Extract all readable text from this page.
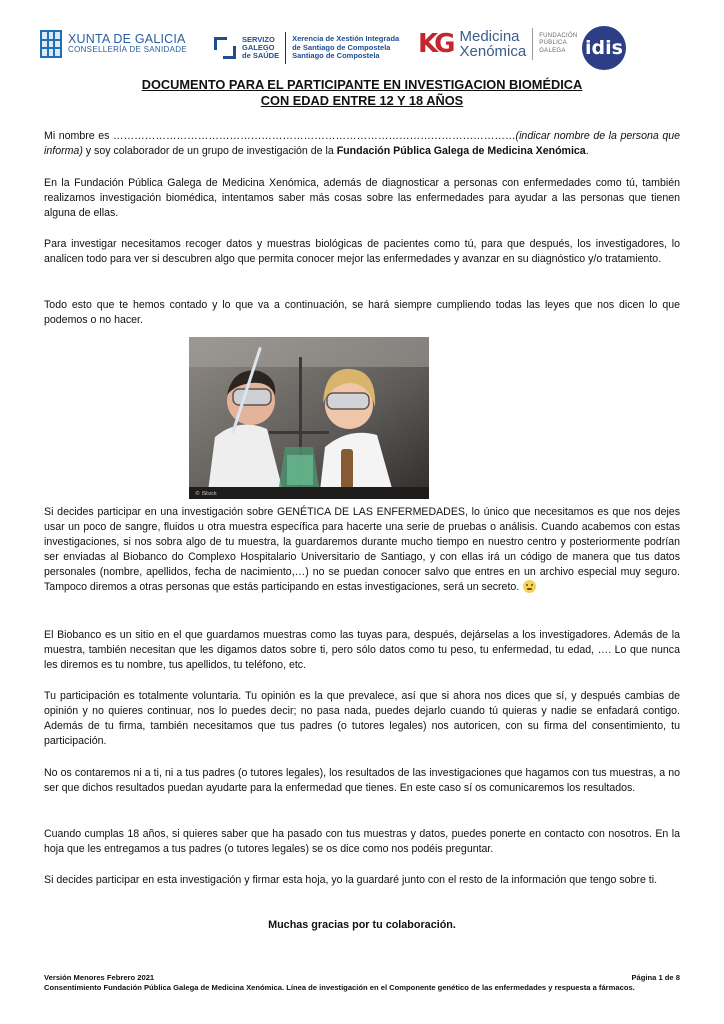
XUNTA DE GALICIA
CONSELLERÍA DE SANIDADE
SERVIZO
GALEGO
de SAÚDE
Xerencia de Xestión Integrada
de Santiago de Compostela
Santiago de Compostela	KG Medicina
Xenómica
FUNDACIÓN
PÚBLICA
GALEGA	idis
DOCUMENTO PARA EL PARTICIPANTE EN INVESTIGACION BIOMÉDICA
CON EDAD ENTRE 12 Y 18 AÑOS
Mi nombre es ……………………………………………………………………………………………………(indicar nombre de la persona que informa) y soy colaborador de un grupo de investigación de la Fundación Pública Galega de Medicina Xenómica.
En la Fundación Pública Galega de Medicina Xenómica, además de diagnosticar a personas con enfermedades como tú, también realizamos investigación biomédica, intentamos saber más cosas sobre las enfermedades para ayudar a las personas que tienen alguna de ellas.
Para investigar necesitamos recoger datos y muestras biológicas de pacientes como tú, para que después, los investigadores, lo analicen todo para ver si descubren algo que permita conocer mejor las enfermedades y avanzar en su diagnóstico y/o tratamiento.
Todo esto que te hemos contado y lo que va a continuación, se hará siempre cumpliendo todas las leyes que nos dicen lo que podemos o no hacer.
© iStock
Si decides participar en una investigación sobre GENÉTICA DE LAS ENFERMEDADES, lo único que necesitamos es que nos dejes usar un poco de sangre, fluidos u otra muestra específica para hacerte una serie de pruebas o análisis. Cuando acabemos con estas investigaciones, si nos sobra algo de tu muestra, la guardaremos durante mucho tiempo en nuestro centro y posteriormente podrían ser enviadas al Biobanco do Complexo Hospitalario Universitario de Santiago, y con ellas irá un código de manera que tus datos personales (nombre, apellidos, fecha de nacimiento,…) no se puedan conocer salvo que entres en un archivo especial muy seguro. Tampoco diremos a otras personas que estás participando en estas investigaciones, será un secreto.
El Biobanco es un sitio en el que guardamos muestras como las tuyas para, después, dejárselas a los investigadores. Además de la muestra, también necesitan que les digamos datos sobre ti, pero sólo datos como tu peso, tu enfermedad, tu edad, …. Lo que nunca les diremos es tu nombre, tus apellidos, tu teléfono, etc.
Tu participación es totalmente voluntaria. Tu opinión es la que prevalece, así que si ahora nos dices que sí, y después cambias de opinión y no quieres continuar, nos lo puedes decir; no pasa nada, puedes dejarlo cuando tú quieras y nadie se enfadará contigo. Además de tu firma, también necesitamos que tus padres (o tutores legales) nos autoricen, con su firma del consentimiento, tu participación.
No os contaremos ni a ti, ni a tus padres (o tutores legales), los resultados de las investigaciones que hagamos con tus muestras, a no ser que dichos resultados puedan ayudarte para la enfermedad que tienes. En este caso sí os comunicaremos los resultados.
Cuando cumplas 18 años, si quieres saber que ha pasado con tus muestras y datos, puedes ponerte en contacto con nosotros. En la hoja que les entregamos a tus padres (o tutores legales) se os dice como nos podéis preguntar.
Si decides participar en esta investigación y firmar esta hoja, yo la guardaré junto con el resto de la información que tengo sobre ti.
Muchas gracias por tu colaboración.
Versión Menores Febrero 2021	Página 1 de 8
Consentimiento Fundación Pública Galega de Medicina Xenómica. Línea de investigación en el Componente genético de las enfermedades y respuesta a fármacos.
